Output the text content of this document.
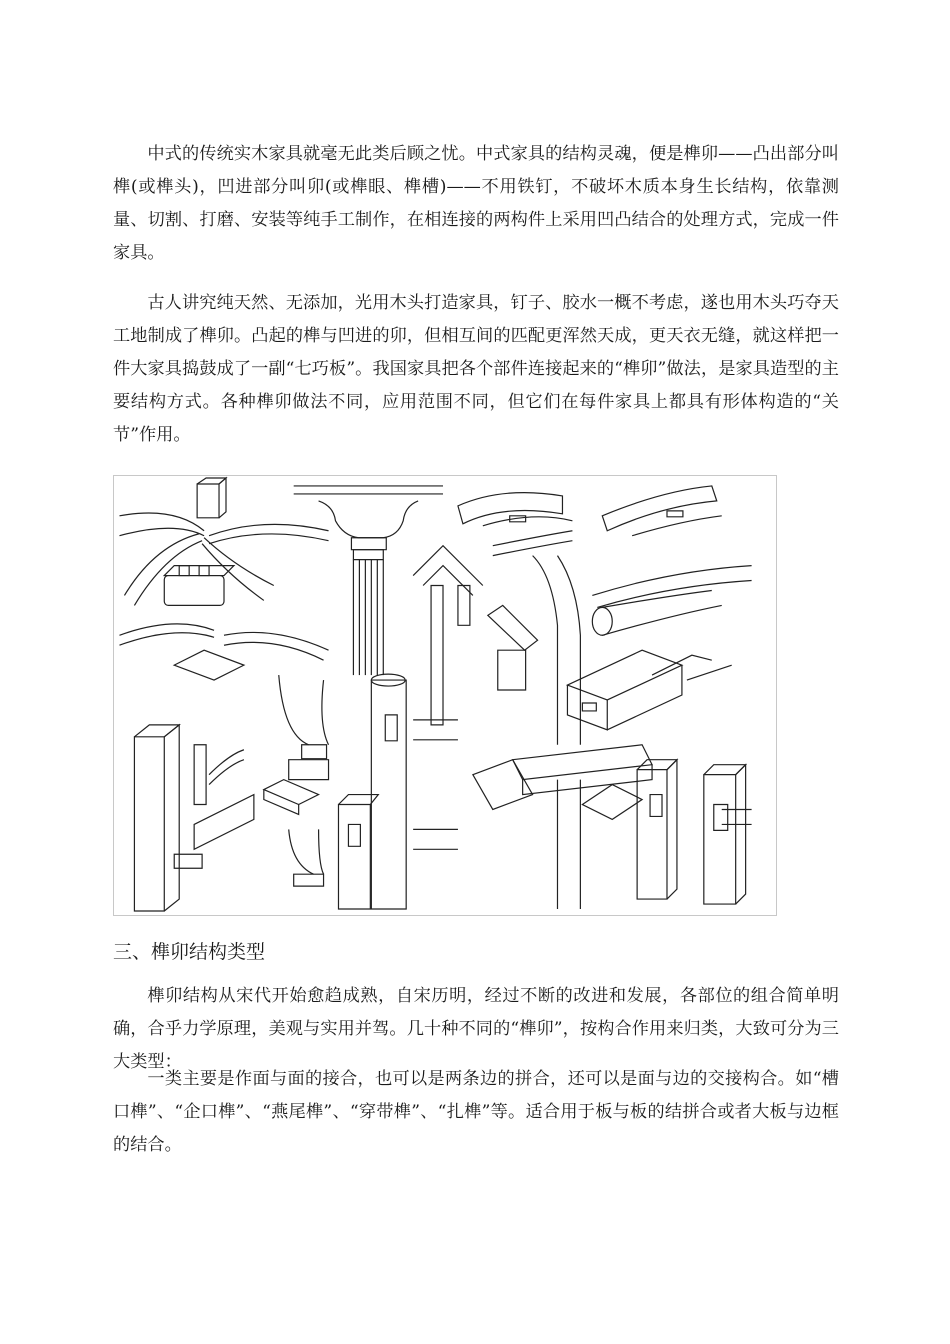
中式的传统实木家具就毫无此类后顾之忧。中式家具的结构灵魂，便是榫卯——凸出部分叫榫(或榫头)，凹进部分叫卯(或榫眼、榫槽)——不用铁钉，不破坏木质本身生长结构，依靠测量、切割、打磨、安装等纯手工制作，在相连接的两构件上采用凹凸结合的处理方式，完成一件家具。

古人讲究纯天然、无添加，光用木头打造家具，钉子、胶水一概不考虑，遂也用木头巧夺天工地制成了榫卯。凸起的榫与凹进的卯，但相互间的匹配更浑然天成，更天衣无缝，就这样把一件大家具捣鼓成了一副“七巧板”。我国家具把各个部件连接起来的“榫卯”做法，是家具造型的主要结构方式。各种榫卯做法不同，应用范围不同，但它们在每件家具上都具有形体构造的“关节”作用。

三、榫卯结构类型

榫卯结构从宋代开始愈趋成熟，自宋历明，经过不断的改进和发展，各部位的组合简单明确，合乎力学原理，美观与实用并驾。几十种不同的“榫卯”，按构合作用来归类，大致可分为三大类型：

一类主要是作面与面的接合，也可以是两条边的拼合，还可以是面与边的交接构合。如“槽口榫”、“企口榫”、“燕尾榫”、“穿带榫”、“扎榫”等。适合用于板与板的结拼合或者大板与边框的结合。
